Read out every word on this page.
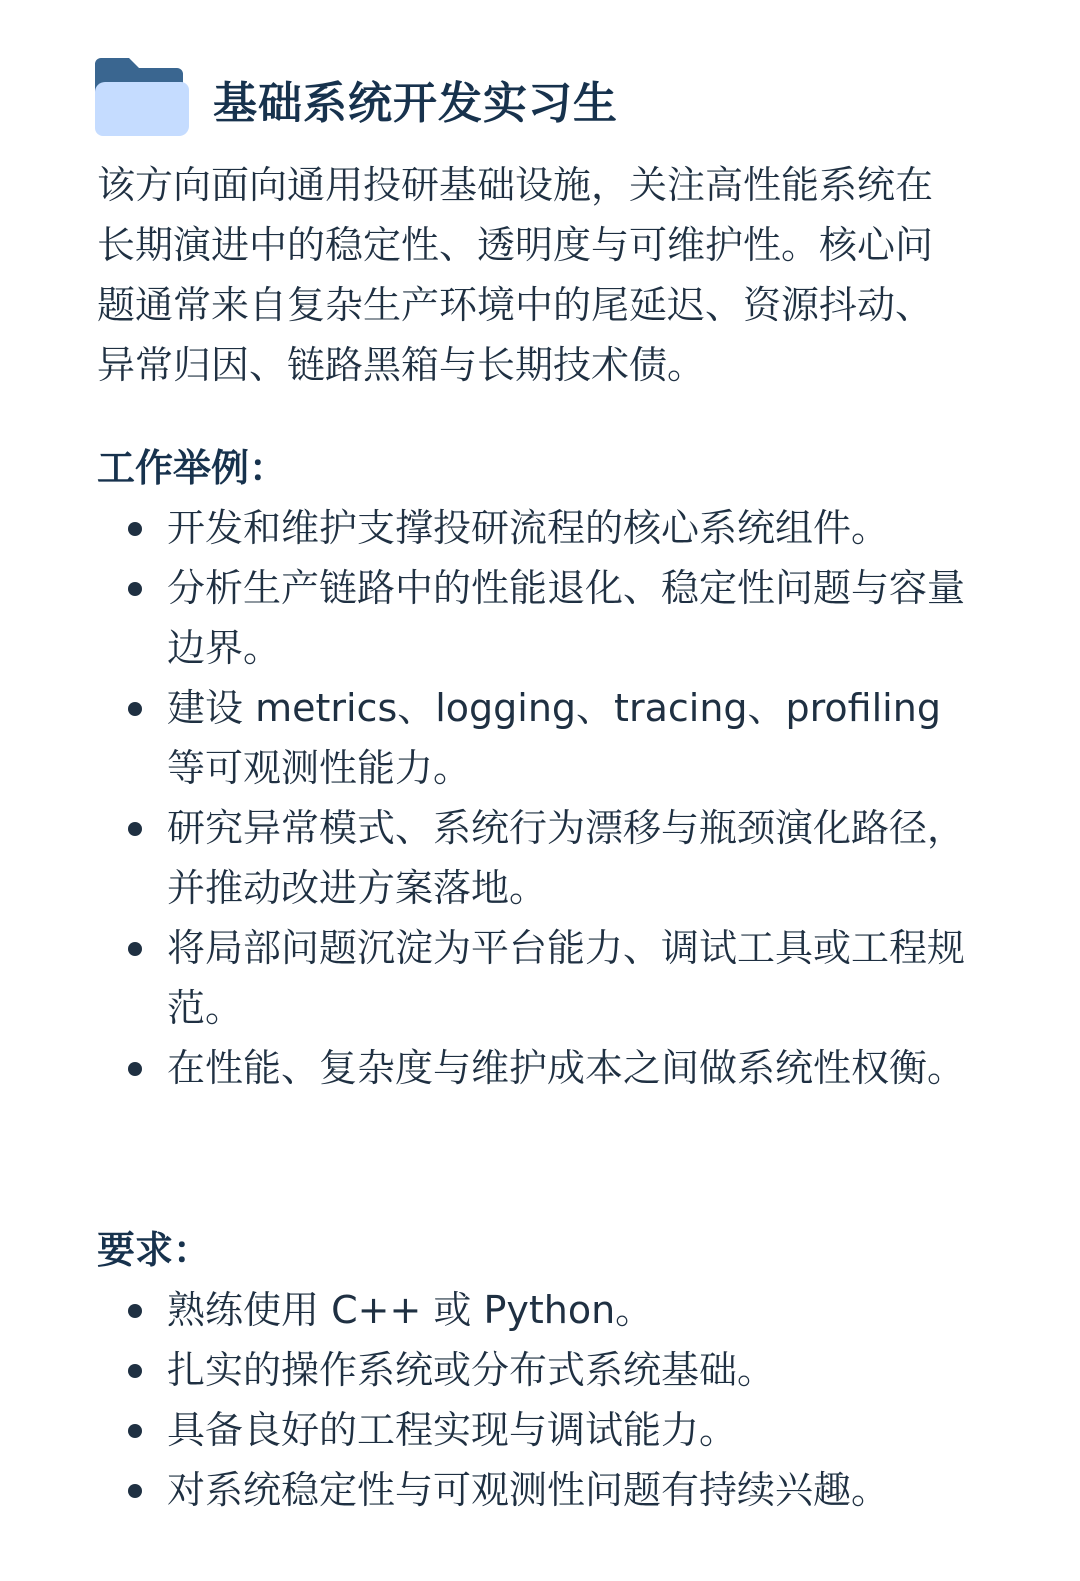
基础系统开发实习生

该方向面向通用投研基础设施，关注高性能系统在长期演进中的稳定性、透明度与可维护性。核心问题通常来自复杂生产环境中的尾延迟、资源抖动、异常归因、链路黑箱与长期技术债。

工作举例：
开发和维护支撑投研流程的核心系统组件。
分析生产链路中的性能退化、稳定性问题与容量边界。
建设 metrics、logging、tracing、profiling 等可观测性能力。
研究异常模式、系统行为漂移与瓶颈演化路径，并推动改进方案落地。
将局部问题沉淀为平台能力、调试工具或工程规范。
在性能、复杂度与维护成本之间做系统性权衡。
要求：
熟练使用 C++ 或 Python。
扎实的操作系统或分布式系统基础。
具备良好的工程实现与调试能力。
对系统稳定性与可观测性问题有持续兴趣。
